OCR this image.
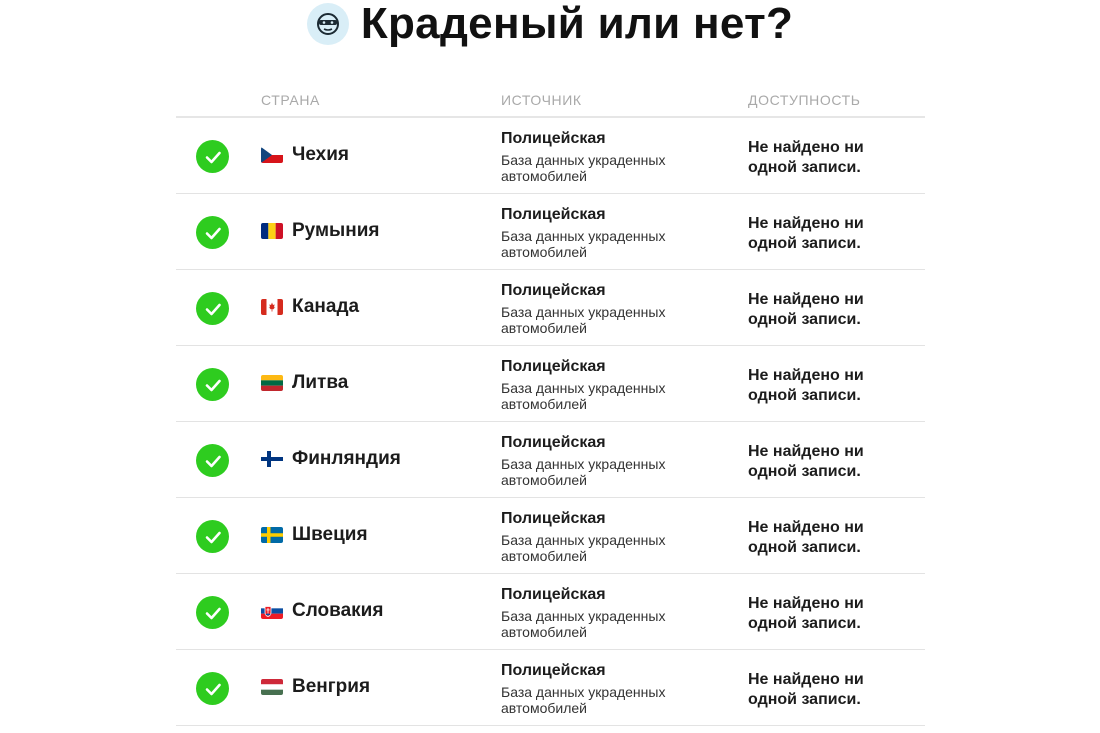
Краденый или нет?
СТРАНА	ИСТОЧНИК	ДОСТУПНОСТЬ
Чехия
Полицейская
База данных украденных автомобилей
Не найдено ни одной записи.
Румыния
Полицейская
База данных украденных автомобилей
Не найдено ни одной записи.
Канада
Полицейская
База данных украденных автомобилей
Не найдено ни одной записи.
Литва
Полицейская
База данных украденных автомобилей
Не найдено ни одной записи.
Финляндия
Полицейская
База данных украденных автомобилей
Не найдено ни одной записи.
Швеция
Полицейская
База данных украденных автомобилей
Не найдено ни одной записи.
Словакия
Полицейская
База данных украденных автомобилей
Не найдено ни одной записи.
Венгрия
Полицейская
База данных украденных автомобилей
Не найдено ни одной записи.
